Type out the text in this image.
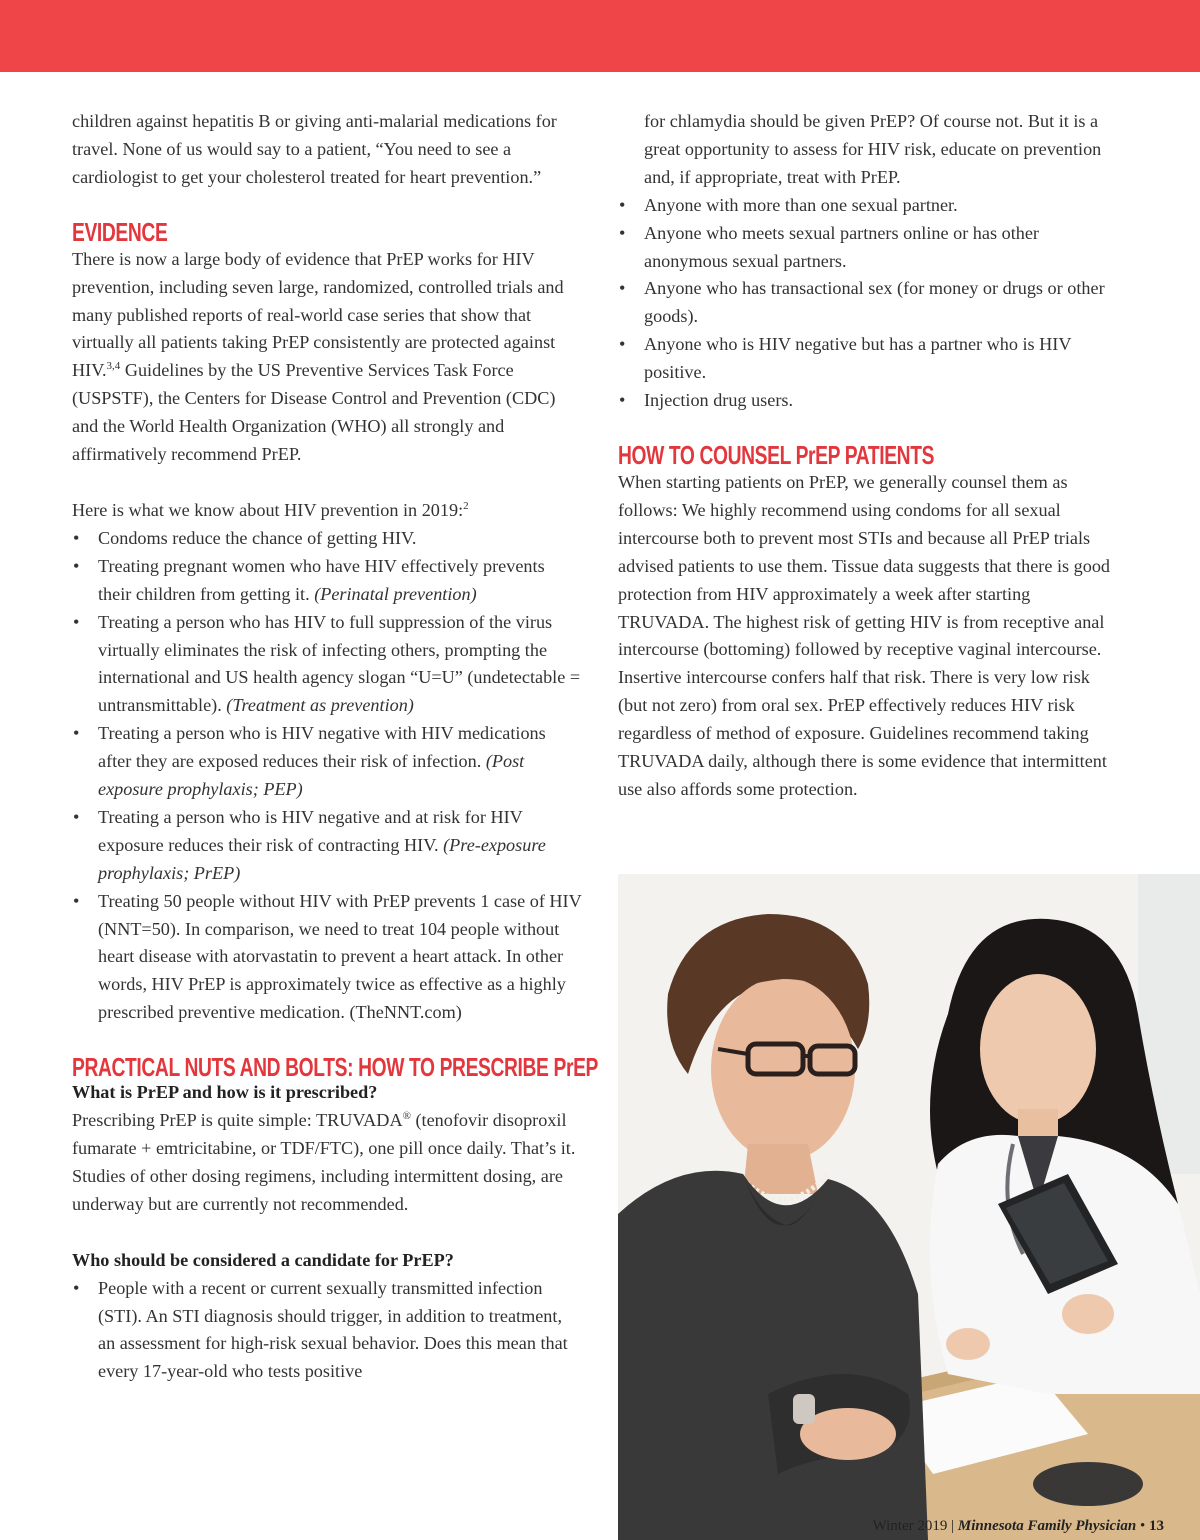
children against hepatitis B or giving anti-malarial medications for travel. None of us would say to a patient, “You need to see a cardiologist to get your cholesterol treated for heart prevention.”

EVIDENCE

There is now a large body of evidence that PrEP works for HIV prevention, including seven large, randomized, controlled trials and many published reports of real-world case series that show that virtually all patients taking PrEP consistently are protected against HIV.$^{3,4}$ Guidelines by the US Preventive Services Task Force (USPSTF), the Centers for Disease Control and Prevention (CDC) and the World Health Organization (WHO) all strongly and affirmatively recommend PrEP.

Here is what we know about HIV prevention in 2019:$^2$

• Condoms reduce the chance of getting HIV.
• Treating pregnant women who have HIV effectively prevents their children from getting it. (Perinatal prevention)
• Treating a person who has HIV to full suppression of the virus virtually eliminates the risk of infecting others, prompting the international and US health agency slogan “U=U” (undetectable = untransmittable). (Treatment as prevention)
• Treating a person who is HIV negative with HIV medications after they are exposed reduces their risk of infection. (Post exposure prophylaxis; PEP)
• Treating a person who is HIV negative and at risk for HIV exposure reduces their risk of contracting HIV. (Pre-exposure prophylaxis; PrEP)
• Treating 50 people without HIV with PrEP prevents 1 case of HIV (NNT=50). In comparison, we need to treat 104 people without heart disease with atorvastatin to prevent a heart attack. In other words, HIV PrEP is approximately twice as effective as a highly prescribed preventive medication. (TheNNT.com)
PRACTICAL NUTS AND BOLTS: HOW TO PRESCRIBE PrEP

What is PrEP and how is it prescribed?

Prescribing PrEP is quite simple: TRUVADA® (tenofovir disoproxil fumarate + emtricitabine, or TDF/FTC), one pill once daily. That’s it. Studies of other dosing regimens, including intermittent dosing, are underway but are currently not recommended.

Who should be considered a candidate for PrEP?

• People with a recent or current sexually transmitted infection (STI). An STI diagnosis should trigger, in addition to treatment, an assessment for high-risk sexual behavior. Does this mean that every 17-year-old who tests positive

for chlamydia should be given PrEP? Of course not. But it is a great opportunity to assess for HIV risk, educate on prevention and, if appropriate, treat with PrEP.

• Anyone with more than one sexual partner.
• Anyone who meets sexual partners online or has other anonymous sexual partners.
• Anyone who has transactional sex (for money or drugs or other goods).
• Anyone who is HIV negative but has a partner who is HIV positive.
• Injection drug users.
HOW TO COUNSEL PrEP PATIENTS

When starting patients on PrEP, we generally counsel them as follows: We highly recommend using condoms for all sexual intercourse both to prevent most STIs and because all PrEP trials advised patients to use them. Tissue data suggests that there is good protection from HIV approximately a week after starting TRUVADA. The highest risk of getting HIV is from receptive anal intercourse (bottoming) followed by receptive vaginal intercourse. Insertive intercourse confers half that risk. There is very low risk (but not zero) from oral sex. PrEP effectively reduces HIV risk regardless of method of exposure. Guidelines recommend taking TRUVADA daily, although there is some evidence that intermittent use also affords some protection.

Winter 2019 | Minnesota Family Physician • 13
